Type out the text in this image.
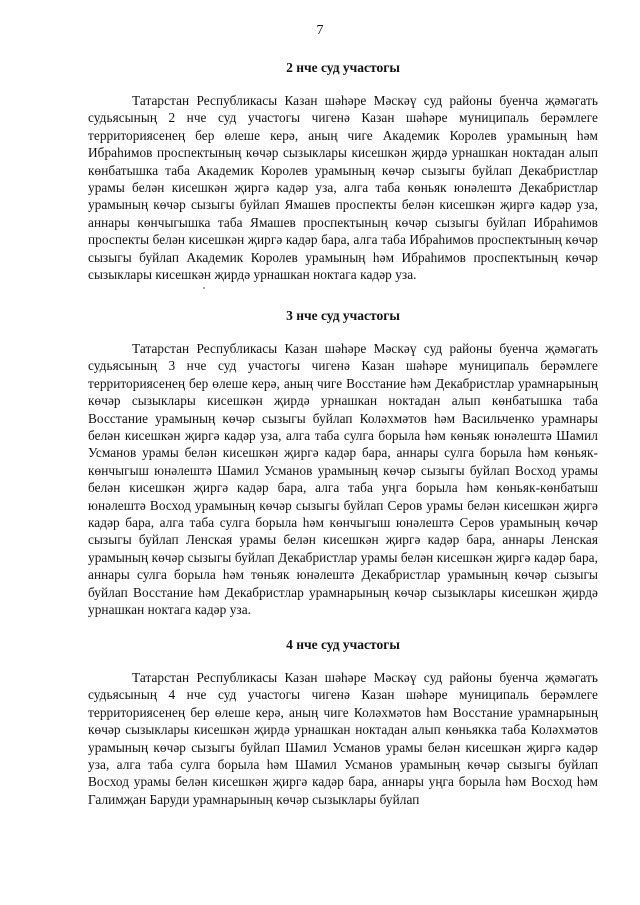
7
2 нче суд участогы

Татарстан Республикасы Казан шәһәре Мәскәү суд районы буенча җәмәгать судьясының 2 нче суд участогы чигенә Казан шәһәре муниципаль берәмлеге территориясенең бер өлеше керә, аның чиге Академик Королев урамының һәм Ибраһимов проспектының көчәр сызыклары кисешкән җирдә урнашкан ноктадан алып көнбатышка таба Академик Королев урамының көчәр сызыгы буйлап Декабристлар урамы белән кисешкән җиргә кадәр уза, алга таба көньяк юнәлештә Декабристлар урамының көчәр сызыгы буйлап Ямашев проспекты белән кисешкән җиргә кадәр уза, аннары көнчыгышка таба Ямашев проспектының көчәр сызыгы буйлап Ибраһимов проспекты белән кисешкән җиргә кадәр бара, алга таба Ибраһимов проспектының көчәр сызыгы буйлап Академик Королев урамының һәм Ибраһимов проспектының көчәр сызыклары кисешкән җирдә урнашкан ноктага кадәр уза.

3 нче суд участогы

Татарстан Республикасы Казан шәһәре Мәскәү суд районы буенча җәмәгать судьясының 3 нче суд участогы чигенә Казан шәһәре муниципаль берәмлеге территориясенең бер өлеше керә, аның чиге Восстание һәм Декабристлар урамнарының көчәр сызыклары кисешкән җирдә урнашкан ноктадан алып көнбатышка таба Восстание урамының көчәр сызыгы буйлап Коләхмәтов һәм Васильченко урамнары белән кисешкән җиргә кадәр уза, алга таба сулга борыла һәм көньяк юнәлештә Шамил Усманов урамы белән кисешкән җиргә кадәр бара, аннары сулга борыла һәм көньяк-көнчыгыш юнәлештә Шамил Усманов урамының көчәр сызыгы буйлап Восход урамы белән кисешкән җиргә кадәр бара, алга таба уңга борыла һәм көньяк-көнбатыш юнәлештә Восход урамының көчәр сызыгы буйлап Серов урамы белән кисешкән җиргә кадәр бара, алга таба сулга борыла һәм көнчыгыш юнәлештә Серов урамының көчәр сызыгы буйлап Ленская урамы белән кисешкән җиргә кадәр бара, аннары Ленская урамының көчәр сызыгы буйлап Декабристлар урамы белән кисешкән җиргә кадәр бара, аннары сулга борыла һәм төньяк юнәлештә Декабристлар урамының көчәр сызыгы буйлап Восстание һәм Декабристлар урамнарының көчәр сызыклары кисешкән җирдә урнашкан ноктага кадәр уза.

4 нче суд участогы

Татарстан Республикасы Казан шәһәре Мәскәү суд районы буенча җәмәгать судьясының 4 нче суд участогы чигенә Казан шәһәре муниципаль берәмлеге территориясенең бер өлеше керә, аның чиге Коләхмәтов һәм Восстание урамнарының көчәр сызыклары кисешкән җирдә урнашкан ноктадан алып көньякка таба Коләхмәтов урамының көчәр сызыгы буйлап Шамил Усманов урамы белән кисешкән җиргә кадәр уза, алга таба сулга борыла һәм Шамил Усманов урамының көчәр сызыгы буйлап Восход урамы белән кисешкән җиргә кадәр бара, аннары уңга борыла һәм Восход һәм Галимҗан Баруди урамнарының көчәр сызыклары буйлап
